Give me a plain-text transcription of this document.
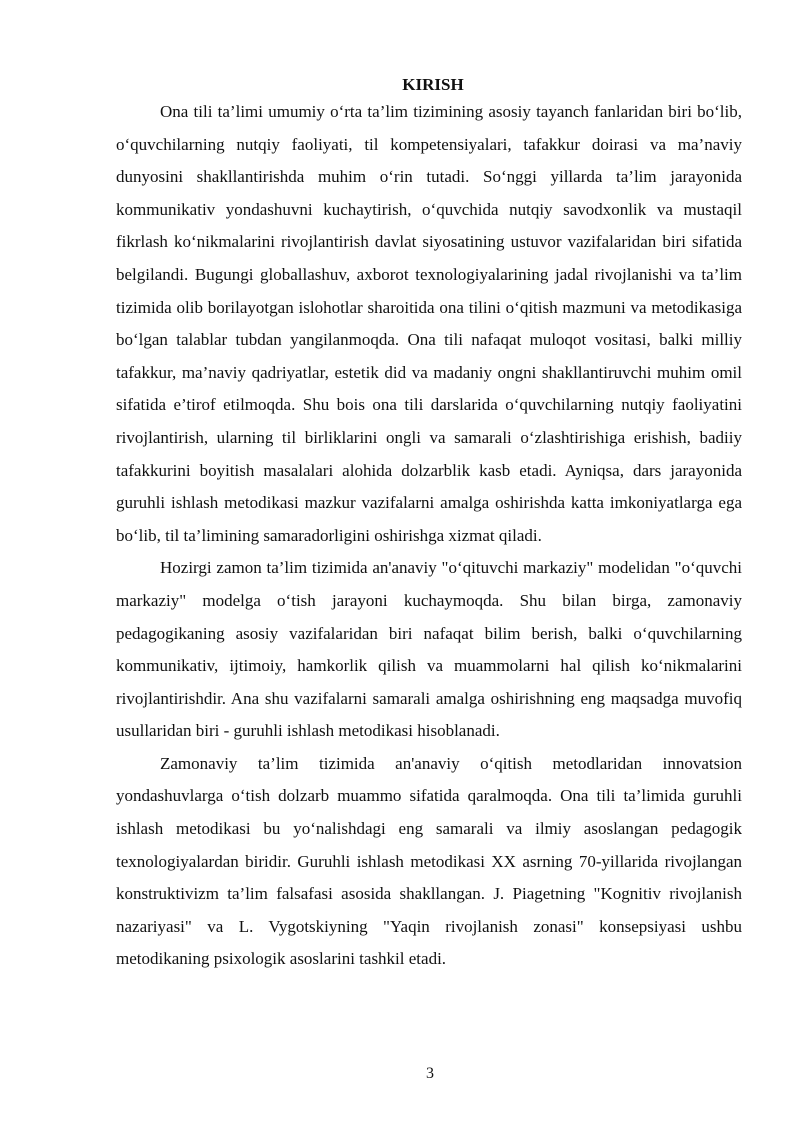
KIRISH

Ona tili ta’limi umumiy o‘rta ta’lim tizimining asosiy tayanch fanlaridan biri bo‘lib, o‘quvchilarning nutqiy faoliyati, til kompetensiyalari, tafakkur doirasi va ma’naviy dunyosini shakllantirishda muhim o‘rin tutadi. So‘nggi yillarda ta’lim jarayonida kommunikativ yondashuvni kuchaytirish, o‘quvchida nutqiy savodxonlik va mustaqil fikrlash ko‘nikmalarini rivojlantirish davlat siyosatining ustuvor vazifalaridan biri sifatida belgilandi. Bugungi globallashuv, axborot texnologiyalarining jadal rivojlanishi va ta’lim tizimida olib borilayotgan islohotlar sharoitida ona tilini o‘qitish mazmuni va metodikasiga bo‘lgan talablar tubdan yangilanmoqda. Ona tili nafaqat muloqot vositasi, balki milliy tafakkur, ma’naviy qadriyatlar, estetik did va madaniy ongni shakllantiruvchi muhim omil sifatida e’tirof etilmoqda. Shu bois ona tili darslarida o‘quvchilarning nutqiy faoliyatini rivojlantirish, ularning til birliklarini ongli va samarali o‘zlashtirishiga erishish, badiiy tafakkurini boyitish masalalari alohida dolzarblik kasb etadi. Ayniqsa, dars jarayonida guruhli ishlash metodikasi mazkur vazifalarni amalga oshirishda katta imkoniyatlarga ega bo‘lib, til ta’limining samaradorligini oshirishga xizmat qiladi.

Hozirgi zamon ta’lim tizimida an'anaviy "o‘qituvchi markaziy" modelidan "o‘quvchi markaziy" modelga o‘tish jarayoni kuchaymoqda. Shu bilan birga, zamonaviy pedagogikaning asosiy vazifalaridan biri nafaqat bilim berish, balki o‘quvchilarning kommunikativ, ijtimoiy, hamkorlik qilish va muammolarni hal qilish ko‘nikmalarini rivojlantirishdir. Ana shu vazifalarni samarali amalga oshirishning eng maqsadga muvofiq usullaridan biri - guruhli ishlash metodikasi hisoblanadi.

Zamonaviy ta’lim tizimida an'anaviy o‘qitish metodlaridan innovatsion yondashuvlarga o‘tish dolzarb muammo sifatida qaralmoqda. Ona tili ta’limida guruhli ishlash metodikasi bu yo‘nalishdagi eng samarali va ilmiy asoslangan pedagogik texnologiyalardan biridir. Guruhli ishlash metodikasi XX asrning 70-yillarida rivojlangan konstruktivizm ta’lim falsafasi asosida shakllangan. J. Piagetning "Kognitiv rivojlanish nazariyasi" va L. Vygotskiyning "Yaqin rivojlanish zonasi" konsepsiyasi ushbu metodikaning psixologik asoslarini tashkil etadi.

3
